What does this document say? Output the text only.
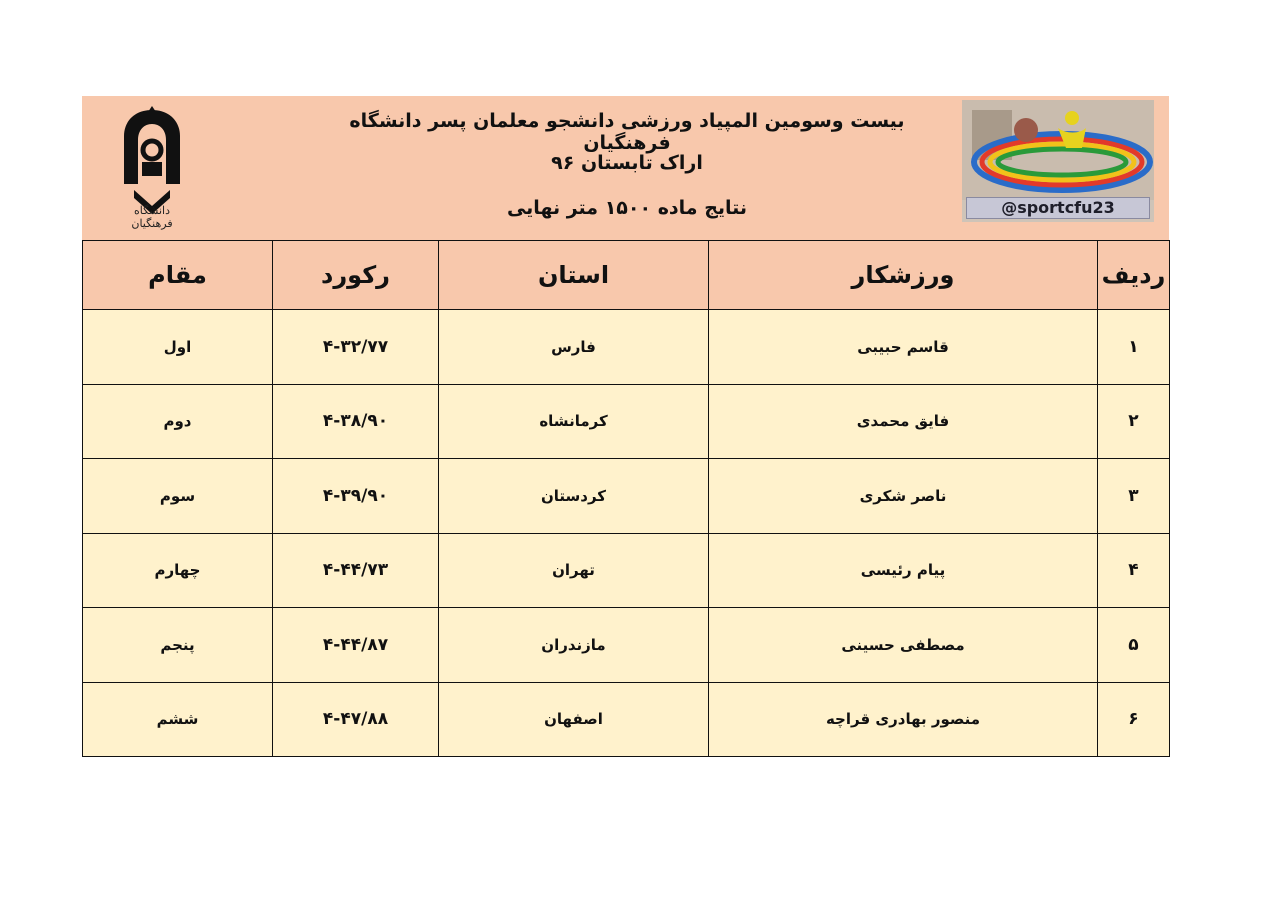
دانشگاه فرهنگیان
بیست وسومین المپیاد ورزشی دانشجو معلمان پسر دانشگاه فرهنگیان
اراک تابستان ۹۶
نتایج ماده ۱۵۰۰ متر نهایی	@sportcfu23
ردیف	ورزشکار	استان	رکورد	مقام
۱	قاسم حبیبی	فارس	۴-۳۲/۷۷	اول
۲	فایق محمدی	کرمانشاه	۴-۳۸/۹۰	دوم
۳	ناصر شکری	کردستان	۴-۳۹/۹۰	سوم
۴	پیام رئیسی	تهران	۴-۴۴/۷۳	چهارم
۵	مصطفی حسینی	مازندران	۴-۴۴/۸۷	پنجم
۶	منصور بهادری قراچه	اصفهان	۴-۴۷/۸۸	ششم
